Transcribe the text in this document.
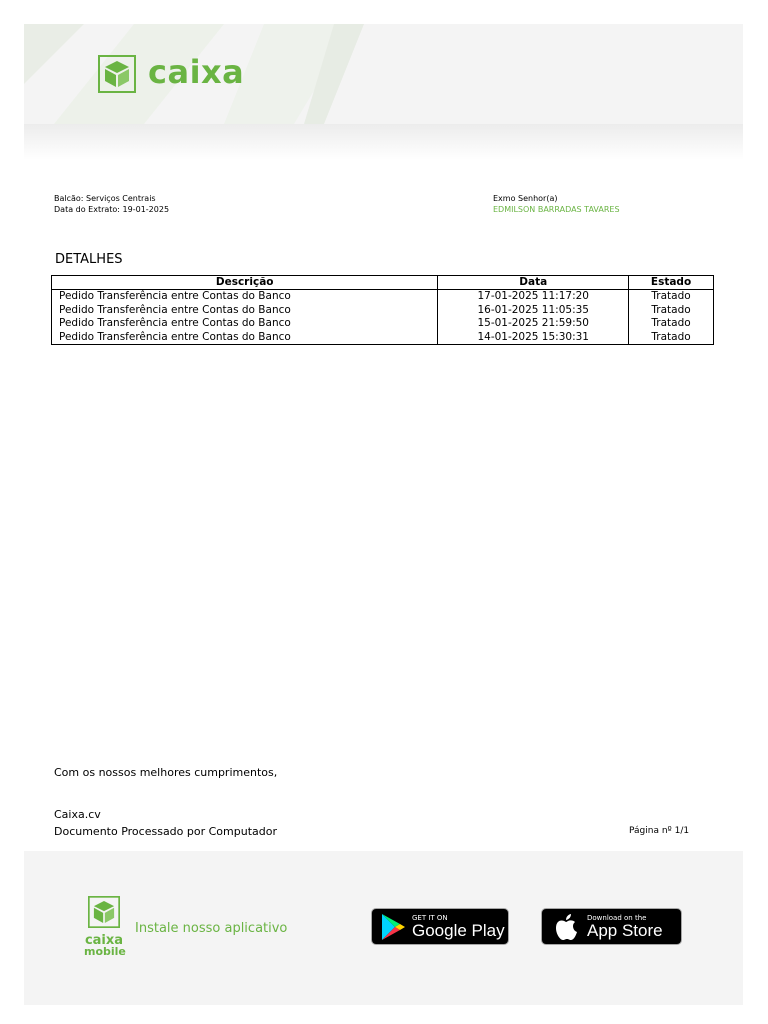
caixa
Balcão: Serviços Centrais
Data do Extrato: 19-01-2025
Exmo Senhor(a)
EDMILSON BARRADAS TAVARES
DETALHES
Descrição	Data	Estado
Pedido Transferência entre Contas do Banco	17-01-2025 11:17:20	Tratado
Pedido Transferência entre Contas do Banco	16-01-2025 11:05:35	Tratado
Pedido Transferência entre Contas do Banco	15-01-2025 21:59:50	Tratado
Pedido Transferência entre Contas do Banco	14-01-2025 15:30:31	Tratado
Com os nossos melhores cumprimentos,
Caixa.cv
Documento Processado por Computador	Página nº 1/1
caixa
mobile
Instale nosso aplicativo
GET IT ON
Google Play
Download on the
App Store
